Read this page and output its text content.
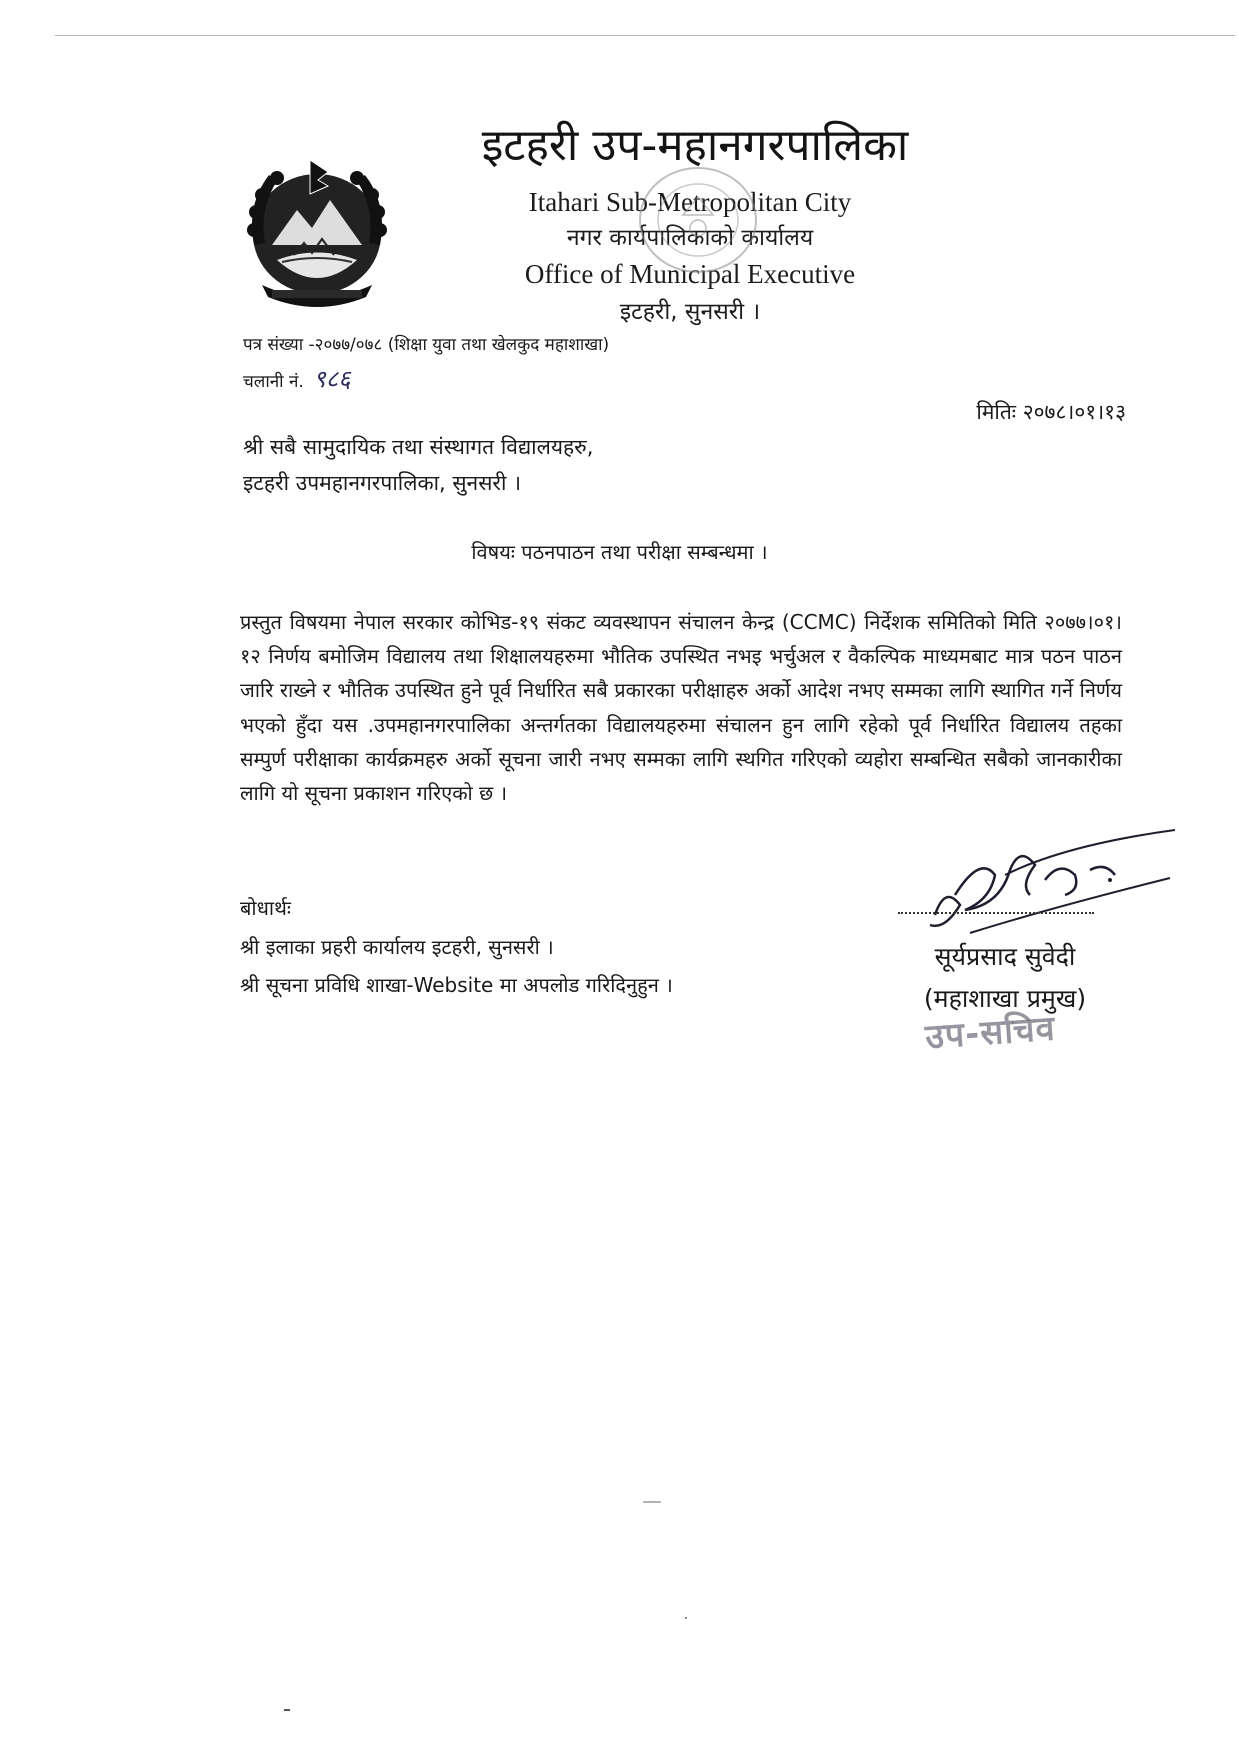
इटहरी उप-महानगरपालिका
Itahari Sub-Metropolitan City
नगर कार्यपालिकाको कार्यालय
Office of Municipal Executive
इटहरी, सुनसरी ।
पत्र संख्या -२०७७/०७८ (शिक्षा युवा तथा खेलकुद महाशाखा)
चलानी नं. ९८६
मितिः २०७८।०१।१३
श्री सबै सामुदायिक तथा संस्थागत विद्यालयहरु,
इटहरी उपमहानगरपालिका, सुनसरी ।
विषयः पठनपाठन तथा परीक्षा सम्बन्धमा ।
प्रस्तुत विषयमा नेपाल सरकार कोभिड-१९ संकट व्यवस्थापन संचालन केन्द्र (CCMC) निर्देशक समितिको मिति २०७७।०१।१२ निर्णय बमोजिम विद्यालय तथा शिक्षालयहरुमा भौतिक उपस्थित नभइ भर्चुअल र वैकल्पिक माध्यमबाट मात्र पठन पाठन जारि राख्ने र भौतिक उपस्थित हुने पूर्व निर्धारित सबै प्रकारका परीक्षाहरु अर्को आदेश नभए सम्मका लागि स्थागित गर्ने निर्णय भएको हुँदा यस .उपमहानगरपालिका अन्तर्गतका विद्यालयहरुमा संचालन हुन लागि रहेको पूर्व निर्धारित विद्यालय तहका सम्पुर्ण परीक्षाका कार्यक्रमहरु अर्को सूचना जारी नभए सम्मका लागि स्थगित गरिएको व्यहोरा सम्बन्धित सबैको जानकारीका लागि यो सूचना प्रकाशन गरिएको छ ।
बोधार्थः
श्री इलाका प्रहरी कार्यालय इटहरी, सुनसरी ।
श्री सूचना प्रविधि शाखा-Website मा अपलोड गरिदिनुहुन ।
सूर्यप्रसाद सुवेदी
(महाशाखा प्रमुख)
उप-सचिव
